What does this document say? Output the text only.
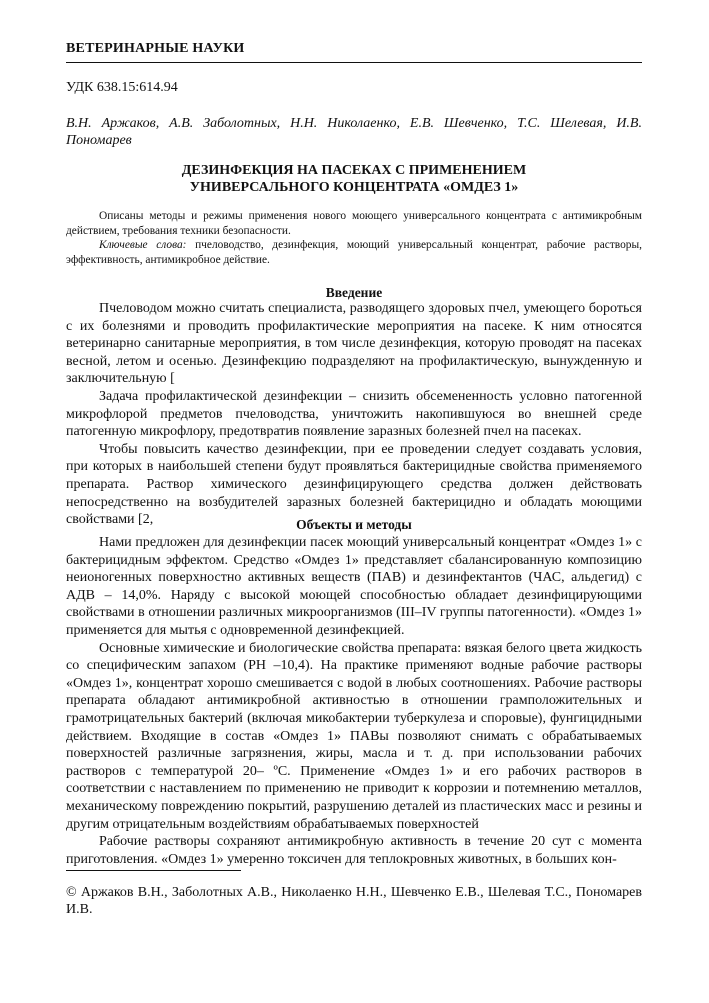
ВЕТЕРИНАРНЫЕ НАУКИ
УДК 638.15:614.94
В.Н. Аржаков, А.В. Заболотных, Н.Н. Николаенко, Е.В. Шевченко, Т.С. Шелевая, И.В. Пономарев
ДЕЗИНФЕКЦИЯ НА ПАСЕКАХ С ПРИМЕНЕНИЕМ
УНИВЕРСАЛЬНОГО КОНЦЕНТРАТА «ОМДЕЗ 1»

Описаны методы и режимы применения нового моющего универсального концентрата с антимикробным действием, требования техники безопасности.

Ключевые слова: пчеловодство, дезинфекция, моющий универсальный концентрат, рабочие растворы, эффективность, антимикробное действие.

Введение

Пчеловодом можно считать специалиста, разводящего здоровых пчел, умеющего бороться с их болезнями и проводить профилактические мероприятия на пасеке. К ним относятся ветеринарно санитарные мероприятия, в том числе дезинфекция, которую проводят на пасеках весной, летом и осенью. Дезинфекцию подразделяют на профилактическую, вынужденную и заключительную [

Задача профилактической дезинфекции – снизить обсемененность условно патогенной микрофлорой предметов пчеловодства, уничтожить накопившуюся во внешней среде патогенную микрофлору, предотвратив появление заразных болезней пчел на пасеках.

Чтобы повысить качество дезинфекции, при ее проведении следует создавать условия, при которых в наибольшей степени будут проявляться бактерицидные свойства применяемого препарата. Раствор химического дезинфицирующего средства должен действовать непосредственно на возбудителей заразных болезней бактерицидно и обладать моющими свойствами [2,	Объекты и методы

Нами предложен для дезинфекции пасек моющий универсальный концентрат «Омдез 1» с бактерицидным эффектом. Средство «Омдез 1» представляет сбалансированную композицию неионогенных поверхностно активных веществ (ПАВ) и дезинфектантов (ЧАС, альдегид) с АДВ – 14,0%. Наряду с высокой моющей способностью обладает дезинфицирующими свойствами в отношении различных микроорганизмов (III–IV группы патогенности). «Омдез 1» применяется для мытья с одновременной дезинфекцией.

Основные химические и биологические свойства препарата: вязкая белого цвета жидкость со специфическим запахом (РН –10,4). На практике применяют водные рабочие растворы «Омдез 1», концентрат хорошо смешивается с водой в любых соотношениях. Рабочие растворы препарата обладают антимикробной активностью в отношении грамположительных и грамотрицательных бактерий (включая микобактерии туберкулеза и споровые), фунгицидными действием. Входящие в состав «Омдез 1» ПАВы позволяют снимать с обрабатываемых поверхностей различные загрязнения, жиры, масла и т. д. при использовании рабочих растворов с температурой 20– ºС. Применение «Омдез 1» и его рабочих растворов в соответствии с наставлением по применению не приводит к коррозии и потемнению металлов, механическому повреждению покрытий, разрушению деталей из пластических масс и резины и другим отрицательным воздействиям обрабатываемых поверхностей

Рабочие растворы сохраняют антимикробную активность в течение 20 сут с момента приготовления. «Омдез 1» умеренно токсичен для теплокровных животных, в больших кон-

© Аржаков В.Н., Заболотных А.В., Николаенко Н.Н., Шевченко Е.В., Шелевая Т.С., Пономарев И.В.
